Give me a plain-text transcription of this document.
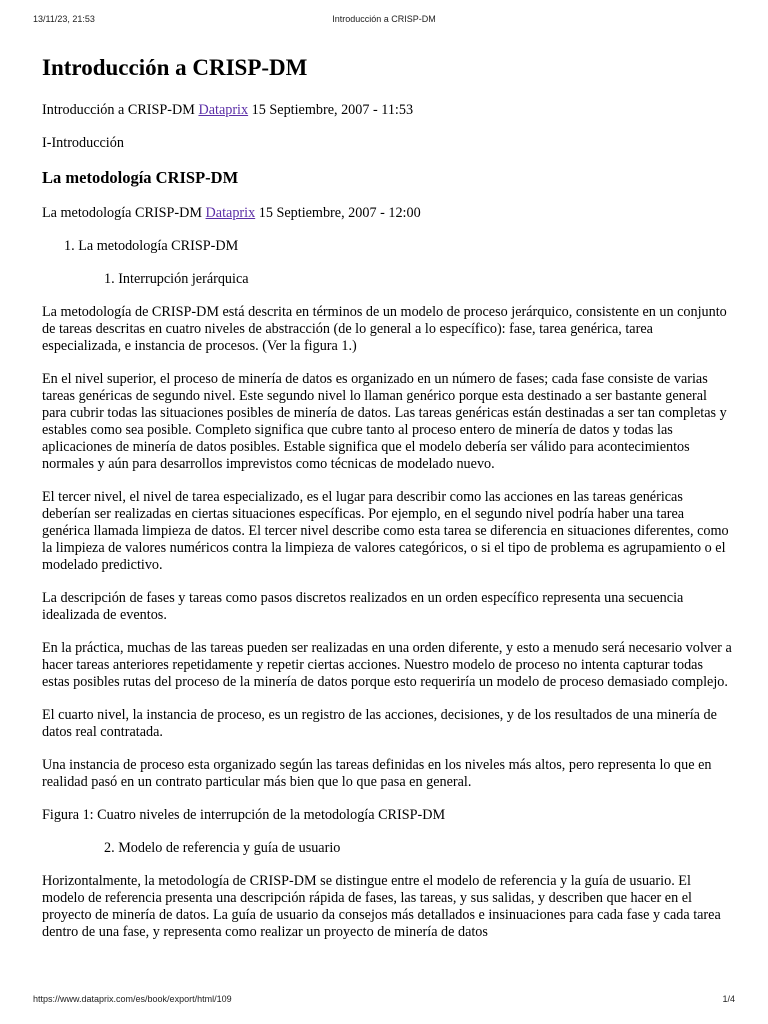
13/11/23, 21:53	Introducción a CRISP-DM
Introducción a CRISP-DM

Introducción a CRISP-DM Dataprix 15 Septiembre, 2007 - 11:53

I-Introducción

La metodología CRISP-DM

La metodología CRISP-DM Dataprix 15 Septiembre, 2007 - 12:00

1. La metodología CRISP-DM
1. Interrupción jerárquica

La metodología de CRISP-DM está descrita en términos de un modelo de proceso jerárquico, consistente en un conjunto de tareas descritas en cuatro niveles de abstracción (de lo general a lo específico): fase, tarea genérica, tarea especializada, e instancia de procesos. (Ver la figura 1.)

En el nivel superior, el proceso de minería de datos es organizado en un número de fases; cada fase consiste de varias tareas genéricas de segundo nivel. Este segundo nivel lo llaman genérico porque esta destinado a ser bastante general para cubrir todas las situaciones posibles de minería de datos. Las tareas genéricas están destinadas a ser tan completas y estables como sea posible. Completo significa que cubre tanto al proceso entero de minería de datos y todas las aplicaciones de minería de datos posibles. Estable significa que el modelo debería ser válido para acontecimientos normales y aún para desarrollos imprevistos como técnicas de modelado nuevo.

El tercer nivel, el nivel de tarea especializado, es el lugar para describir como las acciones en las tareas genéricas deberían ser realizadas en ciertas situaciones específicas. Por ejemplo, en el segundo nivel podría haber una tarea genérica llamada limpieza de datos. El tercer nivel describe como esta tarea se diferencia en situaciones diferentes, como la limpieza de valores numéricos contra la limpieza de valores categóricos, o si el tipo de problema es agrupamiento o el modelado predictivo.

La descripción de fases y tareas como pasos discretos realizados en un orden específico representa una secuencia idealizada de eventos.

En la práctica, muchas de las tareas pueden ser realizadas en una orden diferente, y esto a menudo será necesario volver a hacer tareas anteriores repetidamente y repetir ciertas acciones. Nuestro modelo de proceso no intenta capturar todas estas posibles rutas del proceso de la minería de datos porque esto requeriría un modelo de proceso demasiado complejo.

El cuarto nivel, la instancia de proceso, es un registro de las acciones, decisiones, y de los resultados de una minería de datos real contratada.

Una instancia de proceso esta organizado según las tareas definidas en los niveles más altos, pero representa lo que en realidad pasó en un contrato particular más bien que lo que pasa en general.

Figura 1: Cuatro niveles de interrupción de la metodología CRISP-DM

2. Modelo de referencia y guía de usuario

Horizontalmente, la metodología de CRISP-DM se distingue entre el modelo de referencia y la guía de usuario. El modelo de referencia presenta una descripción rápida de fases, las tareas, y sus salidas, y describen que hacer en el proyecto de minería de datos. La guía de usuario da consejos más detallados e insinuaciones para cada fase y cada tarea dentro de una fase, y representa como realizar un proyecto de minería de datos

https://www.dataprix.com/es/book/export/html/109	1/4
